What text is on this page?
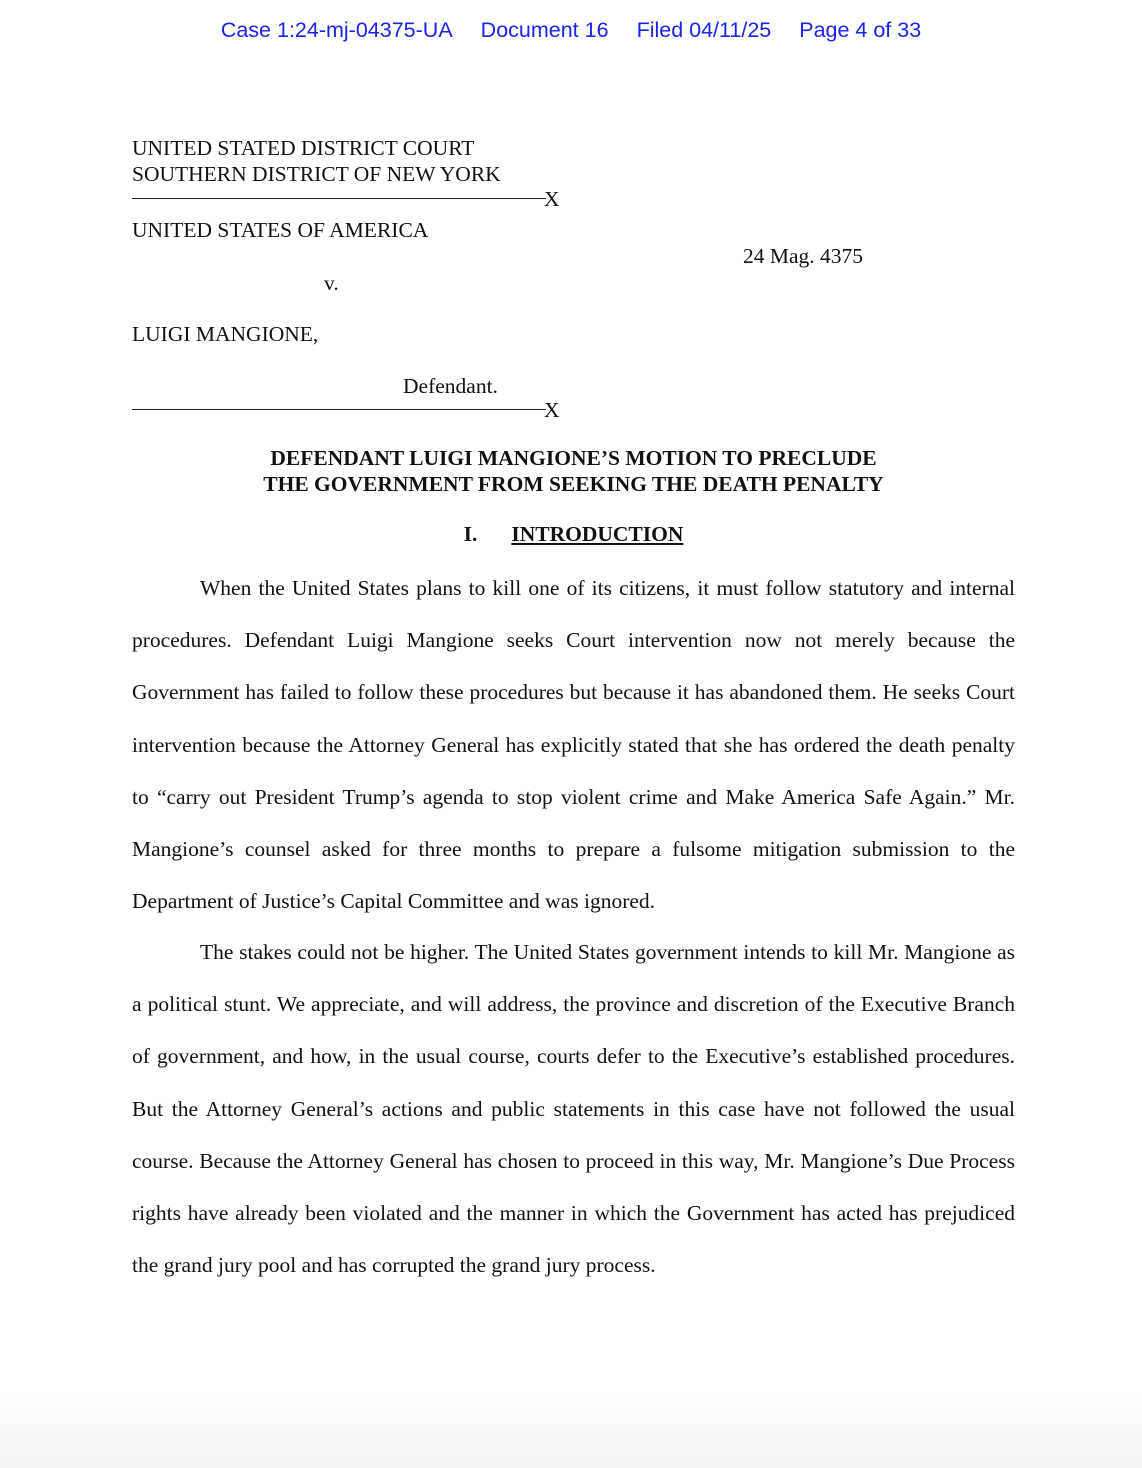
Case 1:24-mj-04375-UA Document 16 Filed 04/11/25 Page 4 of 33
UNITED STATED DISTRICT COURT
SOUTHERN DISTRICT OF NEW YORK
X
UNITED STATES OF AMERICA
24 Mag. 4375
v.
LUIGI MANGIONE,
Defendant.
X
DEFENDANT LUIGI MANGIONE’S MOTION TO PRECLUDE
THE GOVERNMENT FROM SEEKING THE DEATH PENALTY
I. INTRODUCTION

When the United States plans to kill one of its citizens, it must follow statutory and internal procedures. Defendant Luigi Mangione seeks Court intervention now not merely because the Government has failed to follow these procedures but because it has abandoned them. He seeks Court intervention because the Attorney General has explicitly stated that she has ordered the death penalty to “carry out President Trump’s agenda to stop violent crime and Make America Safe Again.” Mr. Mangione’s counsel asked for three months to prepare a fulsome mitigation submission to the Department of Justice’s Capital Committee and was ignored.

The stakes could not be higher. The United States government intends to kill Mr. Mangione as a political stunt. We appreciate, and will address, the province and discretion of the Executive Branch of government, and how, in the usual course, courts defer to the Executive’s established procedures. But the Attorney General’s actions and public statements in this case have not followed the usual course. Because the Attorney General has chosen to proceed in this way, Mr. Mangione’s Due Process rights have already been violated and the manner in which the Government has acted has prejudiced the grand jury pool and has corrupted the grand jury process.
